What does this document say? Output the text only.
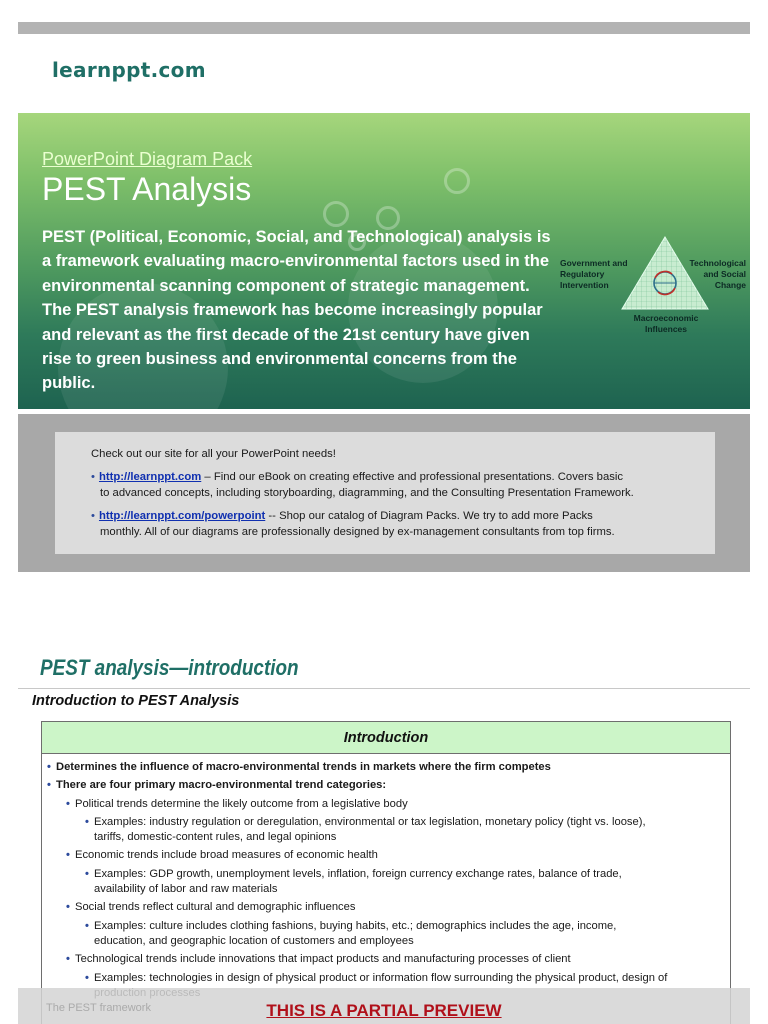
learnppt.com
PowerPoint Diagram Pack
PEST Analysis
PEST (Political, Economic, Social, and Technological) analysis is a framework evaluating macro-environmental factors used in the environmental scanning component of strategic management. The PEST analysis framework has become increasingly popular and relevant as the first decade of the 21st century have given rise to green business and environmental concerns from the public.
Government and Regulatory Intervention
Technological and Social Change
Macroeconomic Influences
Check out our site for all your PowerPoint needs!
• http://learnppt.com – Find our eBook on creating effective and professional presentations. Covers basic
to advanced concepts, including storyboarding, diagramming, and the Consulting Presentation Framework.
• http://learnppt.com/powerpoint -- Shop our catalog of Diagram Packs. We try to add more Packs
monthly. All of our diagrams are professionally designed by ex-management consultants from top firms.
PEST analysis—introduction
Introduction to PEST Analysis
Introduction
• Determines the influence of macro-environmental trends in markets where the firm competes
• There are four primary macro-environmental trend categories:
• Political trends determine the likely outcome from a legislative body
• Examples: industry regulation or deregulation, environmental or tax legislation, monetary policy (tight vs. loose),
tariffs, domestic-content rules, and legal opinions
• Economic trends include broad measures of economic health
• Examples: GDP growth, unemployment levels, inflation, foreign currency exchange rates, balance of trade,
availability of labor and raw materials
• Social trends reflect cultural and demographic influences
• Examples: culture includes clothing fashions, buying habits, etc.; demographics includes the age, income,
education, and geographic location of customers and employees
• Technological trends include innovations that impact products and manufacturing processes of client
• Examples: technologies in design of physical product or information flow surrounding the physical product, design of
The PEST framework	THIS IS A PARTIAL PREVIEW
